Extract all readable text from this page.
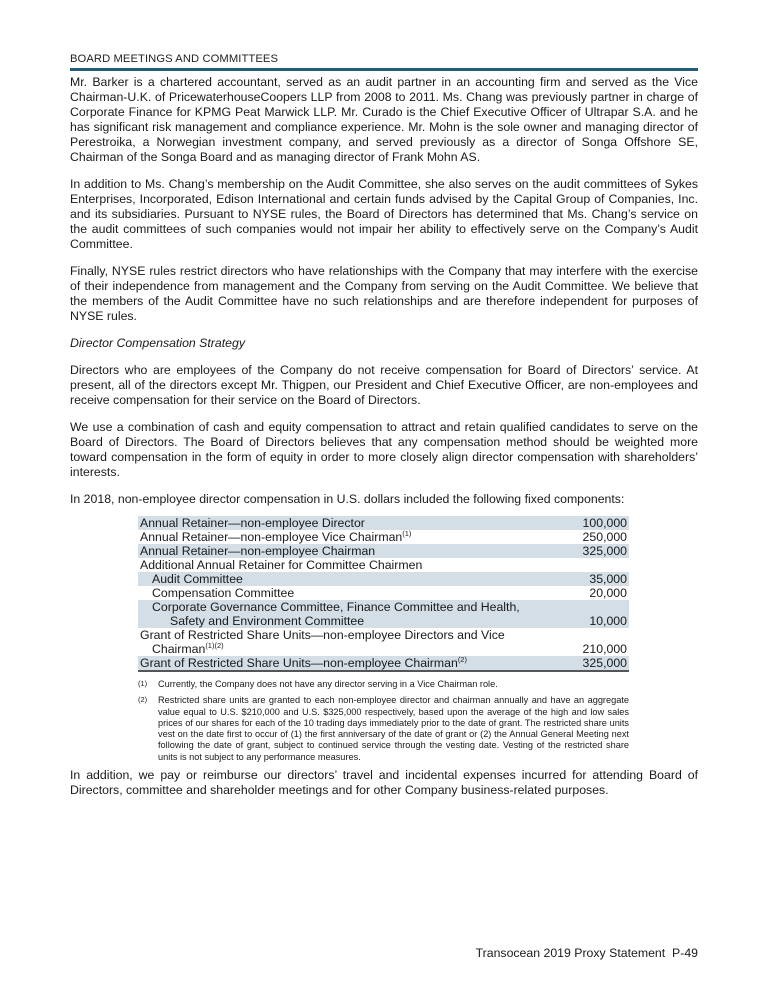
BOARD MEETINGS AND COMMITTEES

Mr. Barker is a chartered accountant, served as an audit partner in an accounting firm and served as the Vice Chairman-U.K. of PricewaterhouseCoopers LLP from 2008 to 2011. Ms. Chang was previously partner in charge of Corporate Finance for KPMG Peat Marwick LLP. Mr. Curado is the Chief Executive Officer of Ultrapar S.A. and he has significant risk management and compliance experience. Mr. Mohn is the sole owner and managing director of Perestroika, a Norwegian investment company, and served previously as a director of Songa Offshore SE, Chairman of the Songa Board and as managing director of Frank Mohn AS.

In addition to Ms. Chang’s membership on the Audit Committee, she also serves on the audit committees of Sykes Enterprises, Incorporated, Edison International and certain funds advised by the Capital Group of Companies, Inc. and its subsidiaries. Pursuant to NYSE rules, the Board of Directors has determined that Ms. Chang’s service on the audit committees of such companies would not impair her ability to effectively serve on the Company’s Audit Committee.

Finally, NYSE rules restrict directors who have relationships with the Company that may interfere with the exercise of their independence from management and the Company from serving on the Audit Committee. We believe that the members of the Audit Committee have no such relationships and are therefore independent for purposes of NYSE rules.

Director Compensation Strategy

Directors who are employees of the Company do not receive compensation for Board of Directors’ service. At present, all of the directors except Mr. Thigpen, our President and Chief Executive Officer, are non-employees and receive compensation for their service on the Board of Directors.

We use a combination of cash and equity compensation to attract and retain qualified candidates to serve on the Board of Directors. The Board of Directors believes that any compensation method should be weighted more toward compensation in the form of equity in order to more closely align director compensation with shareholders’ interests.

In 2018, non-employee director compensation in U.S. dollars included the following fixed components:

Annual Retainer—non-employee Director	100,000
Annual Retainer—non-employee Vice Chairman$^{(1)}$	250,000
Annual Retainer—non-employee Chairman	325,000
Additional Annual Retainer for Committee Chairmen	
Audit Committee	35,000
Compensation Committee	20,000
Corporate Governance Committee, Finance Committee and Health,
Safety and Environment Committee	10,000
Grant of Restricted Share Units—non-employee Directors and Vice
Chairman$^{(1)(2)}$	210,000
Grant of Restricted Share Units—non-employee Chairman$^{(2)}$	325,000
(1)	Currently, the Company does not have any director serving in a Vice Chairman role.
(2)	Restricted share units are granted to each non-employee director and chairman annually and have an aggregate value equal to U.S. $210,000 and U.S. $325,000 respectively, based upon the average of the high and low sales prices of our shares for each of the 10 trading days immediately prior to the date of grant. The restricted share units vest on the date first to occur of (1) the first anniversary of the date of grant or (2) the Annual General Meeting next following the date of grant, subject to continued service through the vesting date. Vesting of the restricted share units is not subject to any performance measures.

In addition, we pay or reimburse our directors’ travel and incidental expenses incurred for attending Board of Directors, committee and shareholder meetings and for other Company business-related purposes.

Transocean 2019 Proxy Statement P-49
